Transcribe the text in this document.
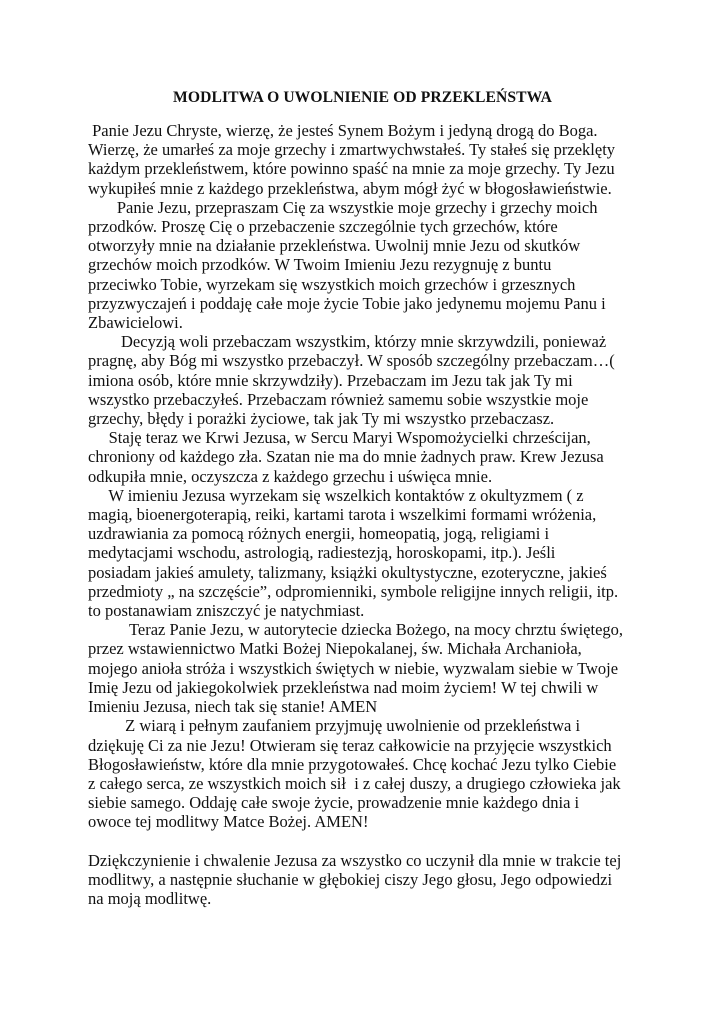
MODLITWA O UWOLNIENIE OD PRZEKLEŃSTWA
Panie Jezu Chryste, wierzę, że jesteś Synem Bożym i jedyną drogą do Boga.
Wierzę, że umarłeś za moje grzechy i zmartwychwstałeś. Ty stałeś się przeklęty
każdym przekleństwem, które powinno spaść na mnie za moje grzechy. Ty Jezu
wykupiłeś mnie z każdego przekleństwa, abym mógł żyć w błogosławieństwie.
Panie Jezu, przepraszam Cię za wszystkie moje grzechy i grzechy moich
przodków. Proszę Cię o przebaczenie szczególnie tych grzechów, które
otworzyły mnie na działanie przekleństwa. Uwolnij mnie Jezu od skutków
grzechów moich przodków. W Twoim Imieniu Jezu rezygnuję z buntu
przeciwko Tobie, wyrzekam się wszystkich moich grzechów i grzesznych
przyzwyczajeń i poddaję całe moje życie Tobie jako jedynemu mojemu Panu i
Zbawicielowi.
Decyzją woli przebaczam wszystkim, którzy mnie skrzywdzili, ponieważ
pragnę, aby Bóg mi wszystko przebaczył. W sposób szczególny przebaczam…(
imiona osób, które mnie skrzywdziły). Przebaczam im Jezu tak jak Ty mi
wszystko przebaczyłeś. Przebaczam również samemu sobie wszystkie moje
grzechy, błędy i porażki życiowe, tak jak Ty mi wszystko przebaczasz.
Staję teraz we Krwi Jezusa, w Sercu Maryi Wspomożycielki chrześcijan,
chroniony od każdego zła. Szatan nie ma do mnie żadnych praw. Krew Jezusa
odkupiła mnie, oczyszcza z każdego grzechu i uświęca mnie.
W imieniu Jezusa wyrzekam się wszelkich kontaktów z okultyzmem ( z
magią, bioenergoterapią, reiki, kartami tarota i wszelkimi formami wróżenia,
uzdrawiania za pomocą różnych energii, homeopatią, jogą, religiami i
medytacjami wschodu, astrologią, radiestezją, horoskopami, itp.). Jeśli
posiadam jakieś amulety, talizmany, książki okultystyczne, ezoteryczne, jakieś
przedmioty „ na szczęście”, odpromienniki, symbole religijne innych religii, itp.
to postanawiam zniszczyć je natychmiast.
Teraz Panie Jezu, w autorytecie dziecka Bożego, na mocy chrztu świętego,
przez wstawiennictwo Matki Bożej Niepokalanej, św. Michała Archanioła,
mojego anioła stróża i wszystkich świętych w niebie, wyzwalam siebie w Twoje
Imię Jezu od jakiegokolwiek przekleństwa nad moim życiem! W tej chwili w
Imieniu Jezusa, niech tak się stanie! AMEN
Z wiarą i pełnym zaufaniem przyjmuję uwolnienie od przekleństwa i
dziękuję Ci za nie Jezu! Otwieram się teraz całkowicie na przyjęcie wszystkich
Błogosławieństw, które dla mnie przygotowałeś. Chcę kochać Jezu tylko Ciebie
z całego serca, ze wszystkich moich sił  i z całej duszy, a drugiego człowieka jak
siebie samego. Oddaję całe swoje życie, prowadzenie mnie każdego dnia i
owoce tej modlitwy Matce Bożej. AMEN!
Dziękczynienie i chwalenie Jezusa za wszystko co uczynił dla mnie w trakcie tej
modlitwy, a następnie słuchanie w głębokiej ciszy Jego głosu, Jego odpowiedzi
na moją modlitwę.
